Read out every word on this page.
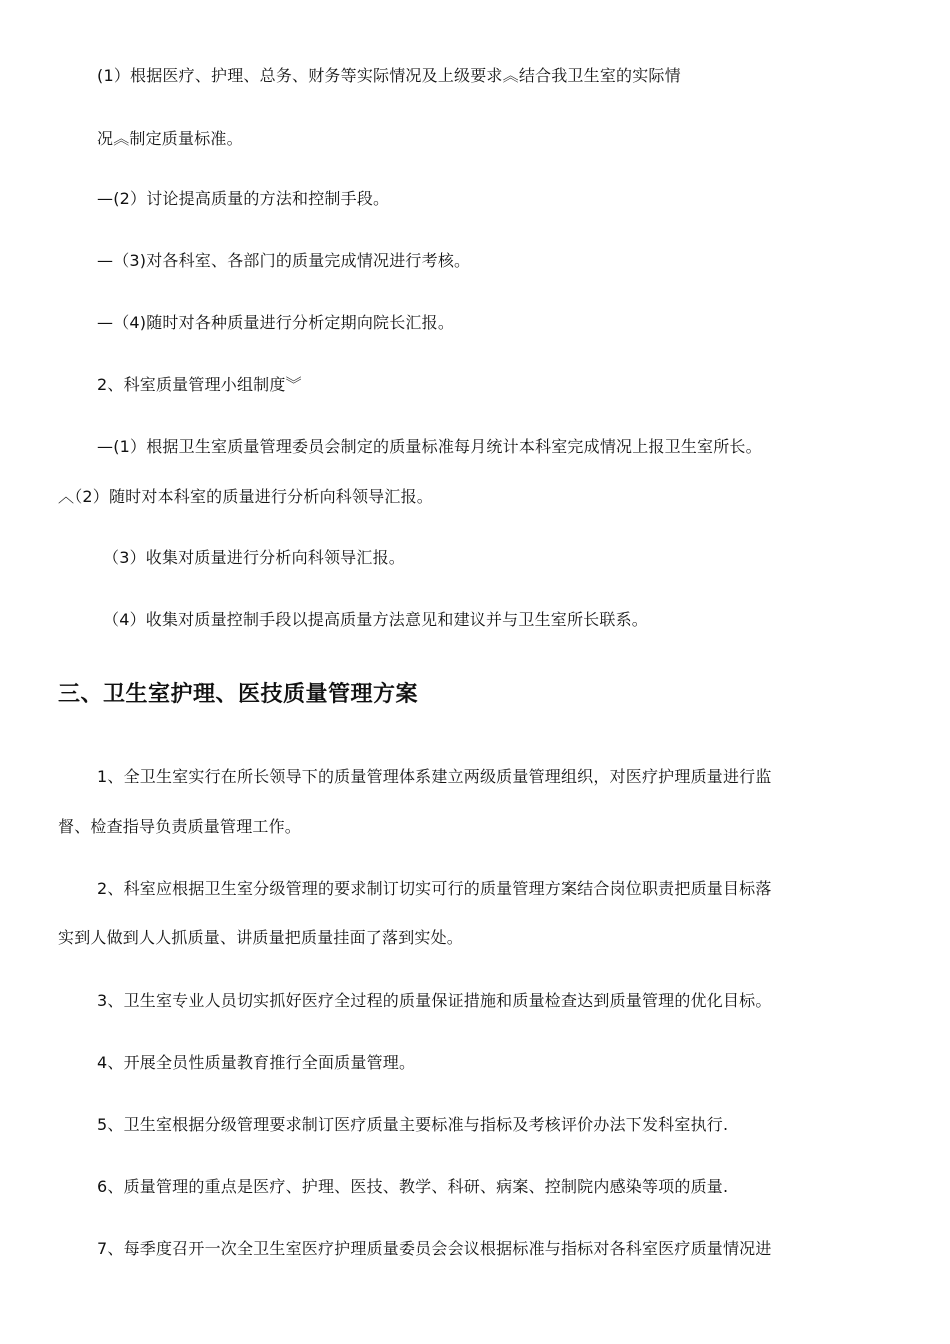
(1）根据医疗、护理、总务、财务等实际情况及上级要求︽结合我卫生室的实际情
况︽制定质量标准。
—(2）讨论提高质量的方法和控制手段。
—（3)对各科室、各部门的质量完成情况进行考核。
—（4)随时对各种质量进行分析定期向院长汇报。
2、科室质量管理小组制度︾
—(1）根据卫生室质量管理委员会制定的质量标准每月统计本科室完成情况上报卫生室所长。
︿（2）随时对本科室的质量进行分析向科领导汇报。
（3）收集对质量进行分析向科领导汇报。
（4）收集对质量控制手段以提高质量方法意见和建议并与卫生室所长联系。
三、卫生室护理、医技质量管理方案
1、全卫生室实行在所长领导下的质量管理体系建立两级质量管理组织，对医疗护理质量进行监
督、检查指导负责质量管理工作。
2、科室应根据卫生室分级管理的要求制订切实可行的质量管理方案结合岗位职责把质量目标落
实到人做到人人抓质量、讲质量把质量挂面了落到实处。
3、卫生室专业人员切实抓好医疗全过程的质量保证措施和质量检查达到质量管理的优化目标。
4、开展全员性质量教育推行全面质量管理。
5、卫生室根据分级管理要求制订医疗质量主要标准与指标及考核评价办法下发科室执行.
6、质量管理的重点是医疗、护理、医技、教学、科研、病案、控制院内感染等项的质量.
7、每季度召开一次全卫生室医疗护理质量委员会会议根据标准与指标对各科室医疗质量情况进
